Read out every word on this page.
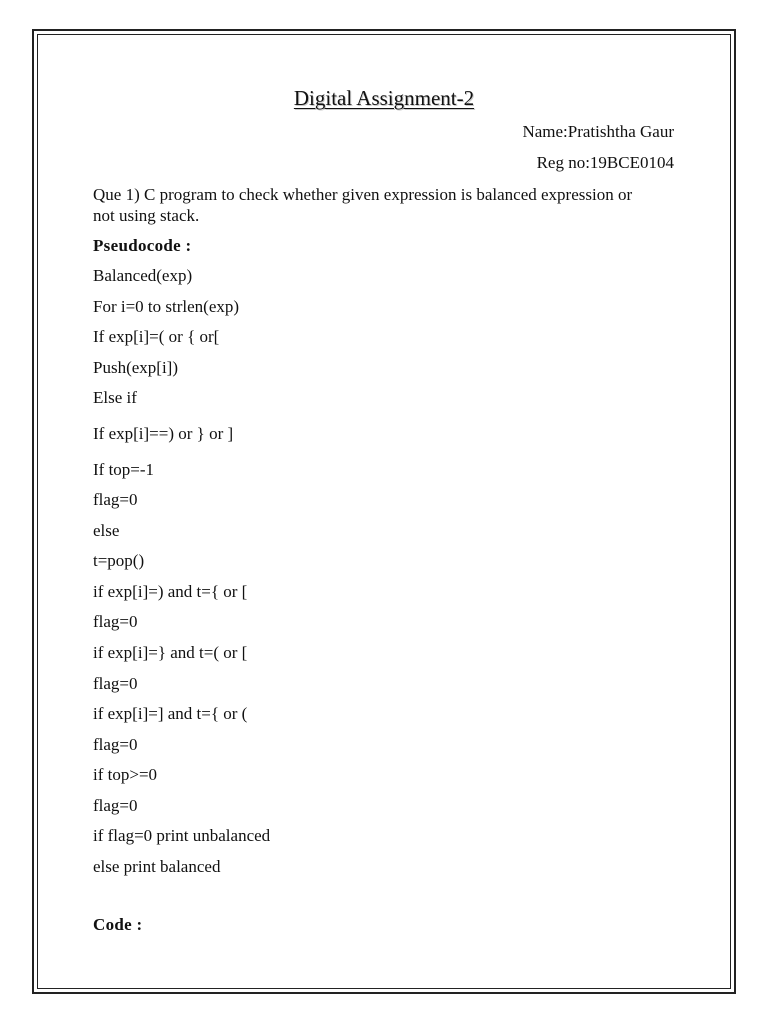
Digital Assignment-2
Name:Pratishtha Gaur
Reg no:19BCE0104
Que 1) C program to check whether given expression is balanced expression or not using stack.
Pseudocode :
Balanced(exp)
For i=0 to strlen(exp)
If exp[i]=( or { or[
Push(exp[i])
Else if
If exp[i]==) or } or ]
If top=-1
flag=0
else
t=pop()
if exp[i]=) and t={ or [
flag=0
if exp[i]=} and t=( or [
flag=0
if exp[i]=] and t={ or (
flag=0
if top>=0
flag=0
if flag=0 print unbalanced
else print balanced
Code :
